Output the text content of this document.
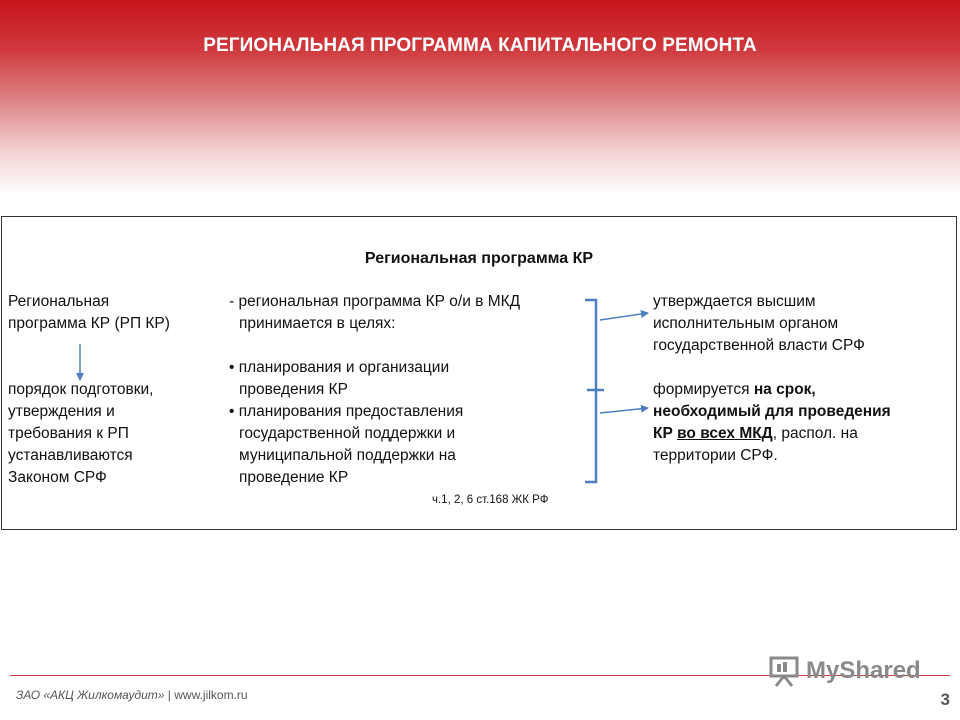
РЕГИОНАЛЬНАЯ ПРОГРАММА КАПИТАЛЬНОГО РЕМОНТА
Региональная программа КР
Региональная
программа КР (РП КР)
порядок подготовки,
утверждения и
требования к РП
устанавливаются
Законом СРФ
- региональная программа КР о/и в МКД
принимается в целях:
• планирования и организации
проведения КР
• планирования предоставления
государственной поддержки и
муниципальной поддержки на
проведение КР
утверждается высшим
исполнительным органом
государственной власти СРФ
формируется на срок,
необходимый для проведения
КР во всех МКД, распол. на
территории СРФ.
ч.1, 2, 6 ст.168 ЖК РФ
ЗАО «АКЦ Жилкомаудит» | www.jilkom.ru
MyShared
3
